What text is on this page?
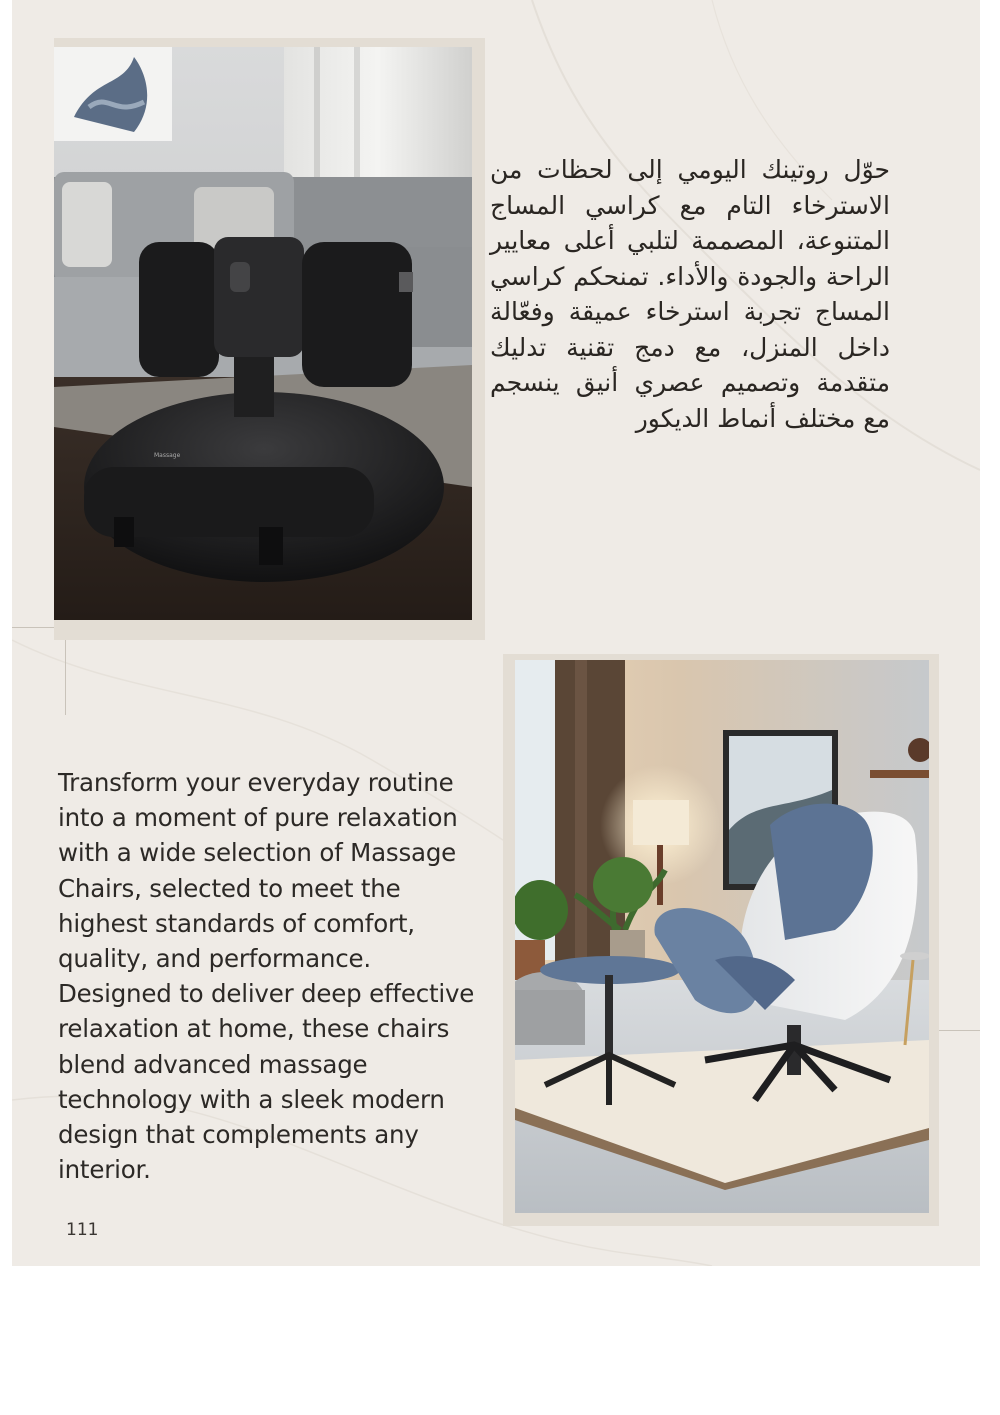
Massage
حوّل روتينك اليومي إلى لحظات من الاسترخاء التام مع كراسي المساج المتنوعة، المصممة لتلبي أعلى معايير الراحة والجودة والأداء. تمنحكم كراسي المساج تجربة استرخاء عميقة وفعّالة داخل المنزل، مع دمج تقنية تدليك متقدمة وتصميم عصري أنيق ينسجم مع مختلف أنماط الديكور
Transform your everyday routine into a moment of pure relaxation with a wide selection of Massage Chairs, selected to meet the highest standards of comfort, quality, and performance. Designed to deliver deep effective relaxation at home, these chairs blend advanced massage technology with a sleek modern design that complements any interior.
111
